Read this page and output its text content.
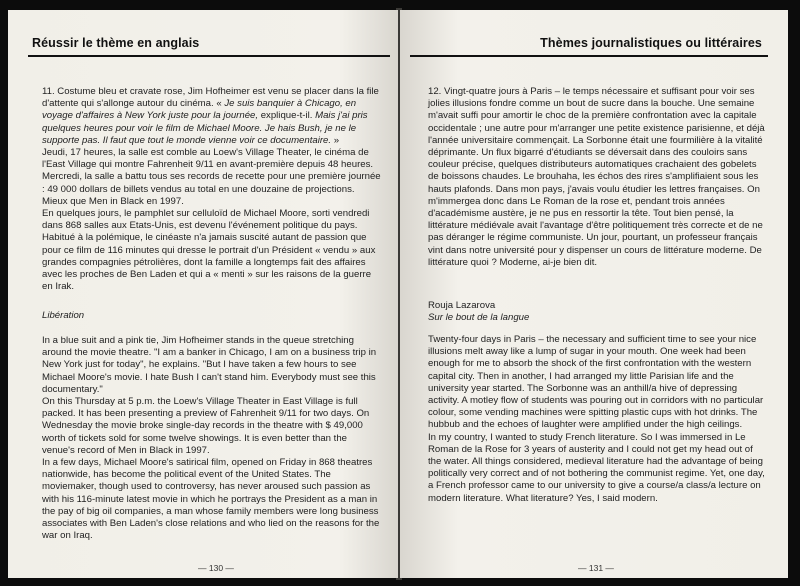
Réussir le thème en anglais

11. Costume bleu et cravate rose, Jim Hofheimer est venu se placer dans la file d'attente qui s'allonge autour du cinéma. « Je suis banquier à Chicago, en voyage d'affaires à New York juste pour la journée, explique-t-il. Mais j'ai pris quelques heures pour voir le film de Michael Moore. Je hais Bush, je ne le supporte pas. Il faut que tout le monde vienne voir ce documentaire. »

Jeudi, 17 heures, la salle est comble au Loew's Village Theater, le cinéma de l'East Village qui montre Fahrenheit 9/11 en avant-première depuis 48 heures. Mercredi, la salle a battu tous ses records de recette pour une première journée : 49 000 dollars de billets vendus au total en une douzaine de projections. Mieux que Men in Black en 1997.

En quelques jours, le pamphlet sur celluloïd de Michael Moore, sorti vendredi dans 868 salles aux Etats-Unis, est devenu l'événement politique du pays. Habitué à la polémique, le cinéaste n'a jamais suscité autant de passion que pour ce film de 116 minutes qui dresse le portrait d'un Président « vendu » aux grandes compagnies pétrolières, dont la famille a longtemps fait des affaires avec les proches de Ben Laden et qui a « menti » sur les raisons de la guerre en Irak.

Libération

In a blue suit and a pink tie, Jim Hofheimer stands in the queue stretching around the movie theatre. "I am a banker in Chicago, I am on a business trip in New York just for today", he explains. "But I have taken a few hours to see Michael Moore's movie. I hate Bush I can't stand him. Everybody must see this documentary."

On this Thursday at 5 p.m. the Loew's Village Theater in East Village is full packed. It has been presenting a preview of Fahrenheit 9/11 for two days. On Wednesday the movie broke single-day records in the theatre with $ 49,000 worth of tickets sold for some twelve showings. It is even better than the venue's record of Men in Black in 1997.

In a few days, Michael Moore's satirical film, opened on Friday in 868 theatres nationwide, has become the political event of the United States. The moviemaker, though used to controversy, has never aroused such passion as with his 116-minute latest movie in which he portrays the President as a man in the pay of big oil companies, a man whose family members were long business associates with Ben Laden's close relations and who lied on the reasons for the war on Iraq.

— 130 —
Thèmes journalistiques ou littéraires

12. Vingt-quatre jours à Paris – le temps nécessaire et suffisant pour voir ses jolies illusions fondre comme un bout de sucre dans la bouche. Une semaine m'avait suffi pour amortir le choc de la première confrontation avec la capitale occidentale ; une autre pour m'arranger une petite existence parisienne, et déjà l'année universitaire commençait. La Sorbonne était une fourmilière à la vitalité déprimante. Un flux bigarré d'étudiants se déversait dans des couloirs sans couleur précise, quelques distributeurs automatiques crachaient des gobelets de boissons chaudes. Le brouhaha, les échos des rires s'amplifiaient sous les hauts plafonds. Dans mon pays, j'avais voulu étudier les lettres françaises. On m'immergea donc dans Le Roman de la rose et, pendant trois années d'académisme austère, je ne pus en ressortir la tête. Tout bien pensé, la littérature médiévale avait l'avantage d'être politiquement très correcte et de ne pas déranger le régime communiste. Un jour, pourtant, un professeur français vint dans notre université pour y dispenser un cours de littérature moderne. De littérature quoi ? Moderne, ai-je bien dit.

Rouja Lazarova

Sur le bout de la langue

Twenty-four days in Paris – the necessary and sufficient time to see your nice illusions melt away like a lump of sugar in your mouth. One week had been enough for me to absorb the shock of the first confrontation with the western capital city. Then in another, I had arranged my little Parisian life and the university year started. The Sorbonne was an anthill/a hive of depressing activity. A motley flow of students was pouring out in corridors with no particular colour, some vending machines were spitting plastic cups with hot drinks. The hubbub and the echoes of laughter were amplified under the high ceilings.

In my country, I wanted to study French literature. So I was immersed in Le Roman de la Rose for 3 years of austerity and I could not get my head out of the water. All things considered, medieval literature had the advantage of being politically very correct and of not bothering the communist regime. Yet, one day, a French professor came to our university to give a course/a class/a lecture on modern literature. What literature? Yes, I said modern.

— 131 —
